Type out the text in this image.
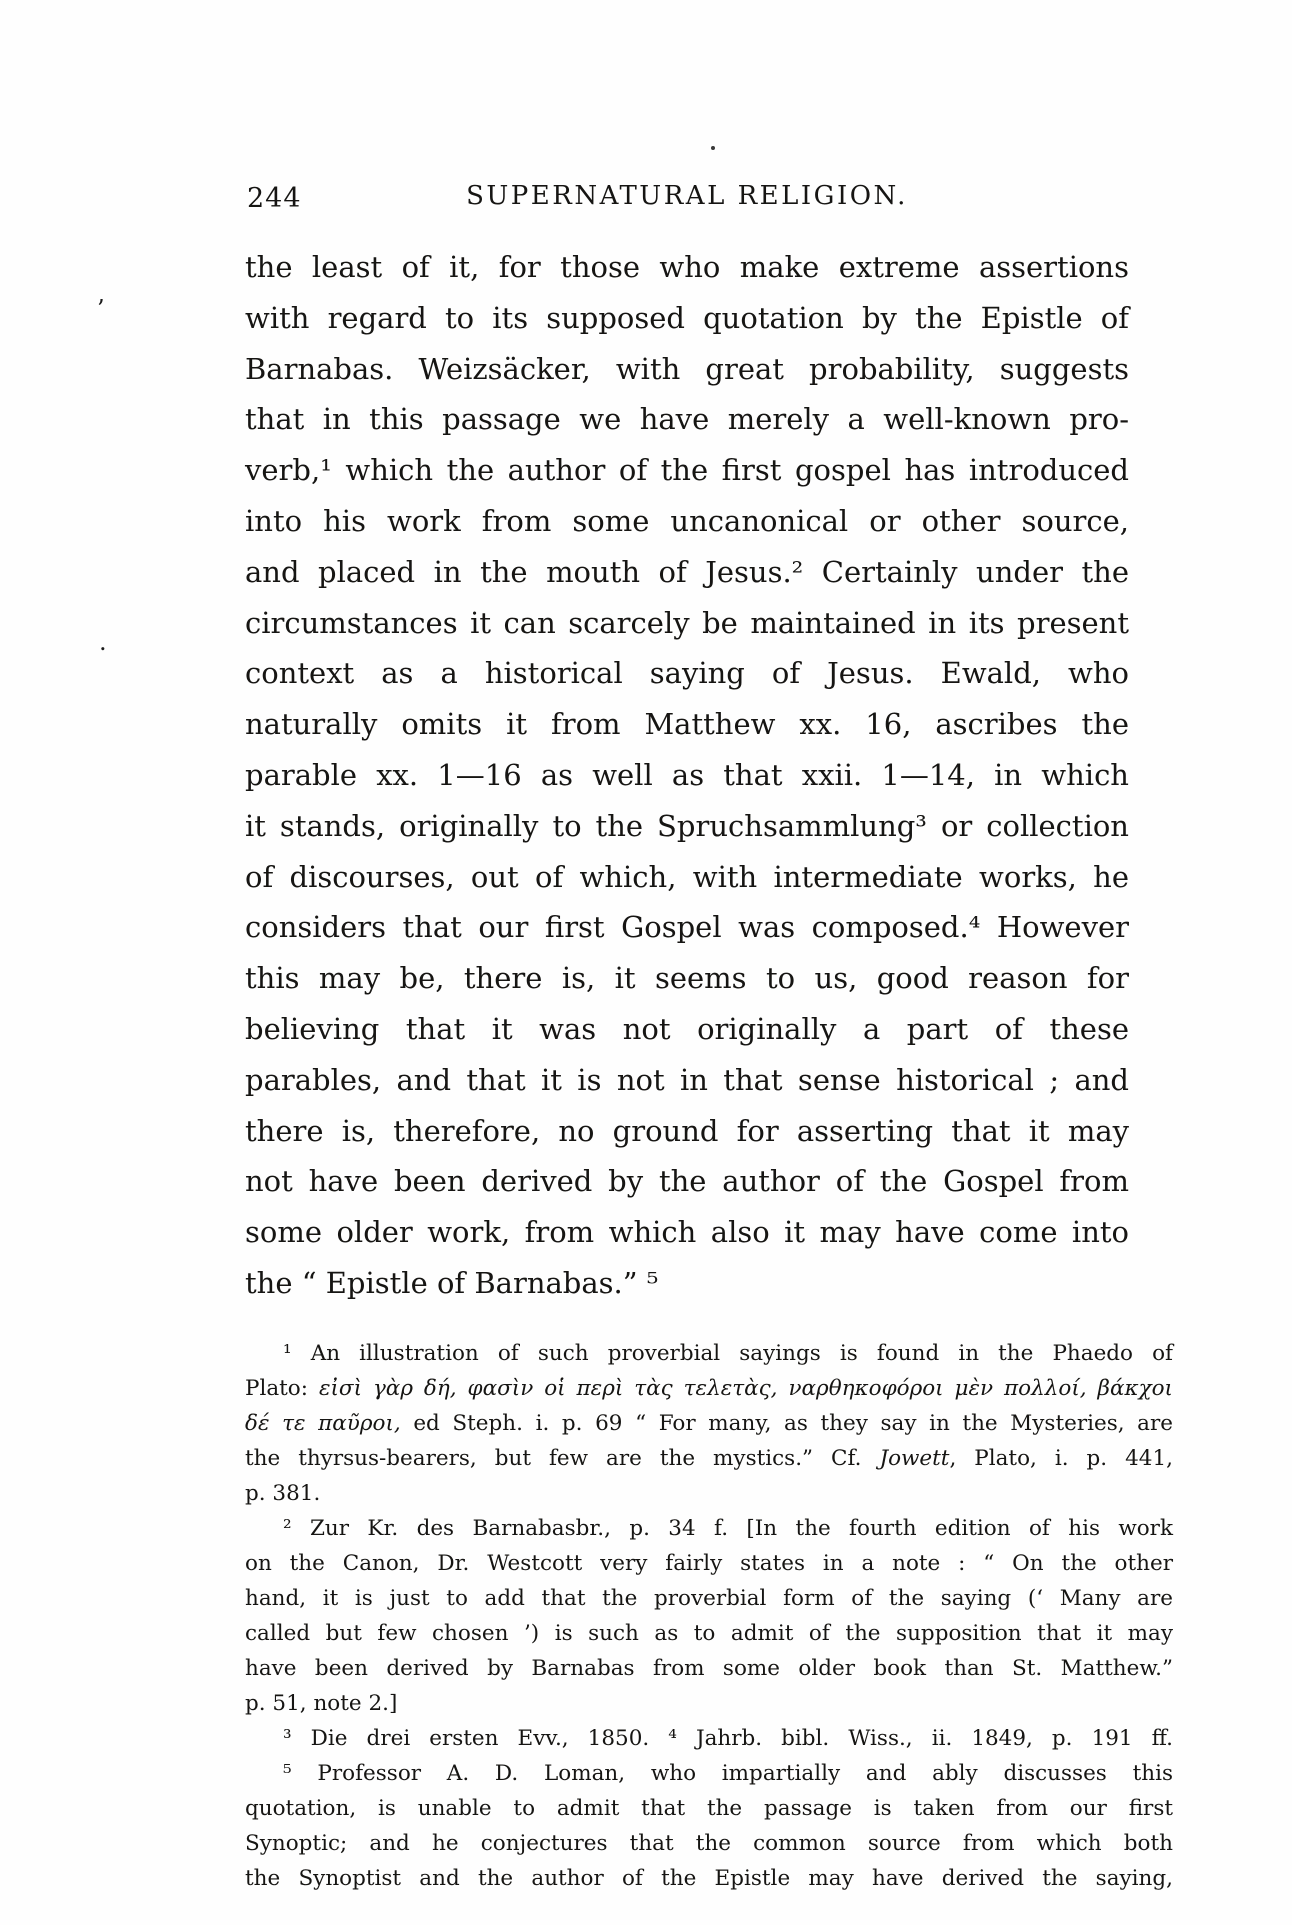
244	SUPERNATURAL RELIGION.
’
.
the least of it, for those who make extreme assertions
with regard to its supposed quotation by the Epistle of
Barnabas. Weizsäcker, with great probability, suggests
that in this passage we have merely a well-known pro-
verb,¹ which the author of the first gospel has introduced
into his work from some uncanonical or other source,
and placed in the mouth of Jesus.² Certainly under the
circumstances it can scarcely be maintained in its present
context as a historical saying of Jesus. Ewald, who
naturally omits it from Matthew xx. 16, ascribes the
parable xx. 1—16 as well as that xxii. 1—14, in which
it stands, originally to the Spruchsammlung³ or collection
of discourses, out of which, with intermediate works, he
considers that our first Gospel was composed.⁴ However
this may be, there is, it seems to us, good reason for
believing that it was not originally a part of these
parables, and that it is not in that sense historical ; and
there is, therefore, no ground for asserting that it may
not have been derived by the author of the Gospel from
some older work, from which also it may have come into
the “ Epistle of Barnabas.” ⁵
¹ An illustration of such proverbial sayings is found in the Phaedo of
Plato: εἰσὶ γὰρ δή, φασὶν οἱ περὶ τὰς τελετὰς, ναρθηκοφόροι μὲν πολλοί, βάκχοι
δέ τε παῦροι, ed Steph. i. p. 69 “ For many, as they say in the Mysteries, are
the thyrsus-bearers, but few are the mystics.” Cf. Jowett, Plato, i. p. 441,
p. 381.
² Zur Kr. des Barnabasbr., p. 34 f. [In the fourth edition of his work
on the Canon, Dr. Westcott very fairly states in a note : “ On the other
hand, it is just to add that the proverbial form of the saying (‘ Many are
called but few chosen ’) is such as to admit of the supposition that it may
have been derived by Barnabas from some older book than St. Matthew.”
p. 51, note 2.]
³ Die drei ersten Evv., 1850. ⁴ Jahrb. bibl. Wiss., ii. 1849, p. 191 ff.
⁵ Professor A. D. Loman, who impartially and ably discusses this
quotation, is unable to admit that the passage is taken from our first
Synoptic; and he conjectures that the common source from which both
the Synoptist and the author of the Epistle may have derived the saying,
